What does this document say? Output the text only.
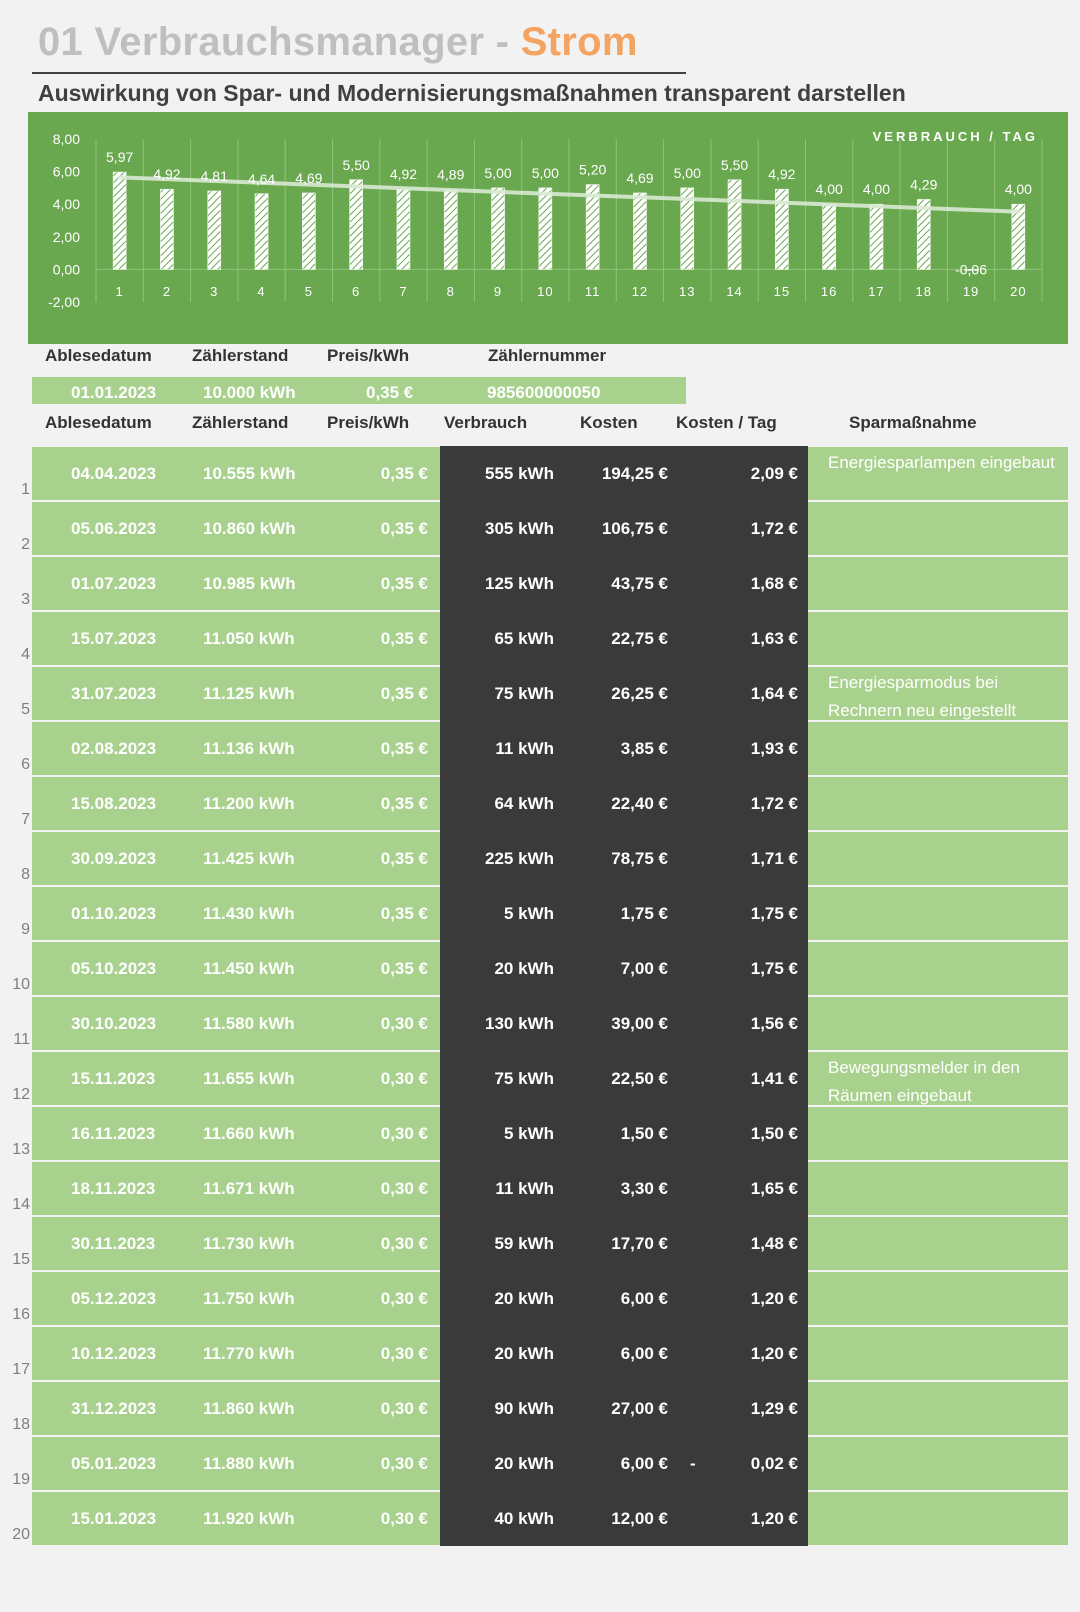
01 Verbrauchsmanager - Strom
Auswirkung von Spar- und Modernisierungsmaßnahmen transparent darstellen
8,00
6,00
4,00
2,00
0,00
-2,00
5,97
4,92 4,81 4,64 4,69
5,50
4,92 4,89 5,00 5,00 5,20
4,69 5,00
5,50
4,92
4,00 4,00 4,29
-0,06
4,00
1	2	3	4	5	6	7	8	9	10 11 12 13 14 15 16 17 18 19 20
VERBRAUCH / TAG
Ablesedatum Zählerstand Preis/kWh	Zählernummer
01.01.2023	10.000 kWh	0,35 €	985600000050
Ablesedatum Zählerstand Preis/kWh Verbrauch	Kosten Kosten / Tag	Sparmaßnahme
1
04.04.2023	10.555 kWh	0,35 €	555 kWh	194,25 €	2,09 €
Energiesparlampen eingebaut
2
05.06.2023	10.860 kWh	0,35 €	305 kWh	106,75 €	1,72 €
3
01.07.2023	10.985 kWh	0,35 €	125 kWh	43,75 €	1,68 €
4
15.07.2023	11.050 kWh	0,35 €	65 kWh	22,75 €	1,63 €
5
31.07.2023	11.125 kWh	0,35 €	75 kWh	26,25 €	1,64 €
Energiesparmodus bei Rechnern neu eingestellt
6
02.08.2023	11.136 kWh	0,35 €	11 kWh	3,85 €	1,93 €
7
15.08.2023	11.200 kWh	0,35 €	64 kWh	22,40 €	1,72 €
8
30.09.2023	11.425 kWh	0,35 €	225 kWh	78,75 €	1,71 €
9
01.10.2023	11.430 kWh	0,35 €	5 kWh	1,75 €	1,75 €
10
05.10.2023	11.450 kWh	0,35 €	20 kWh	7,00 €	1,75 €
11
30.10.2023	11.580 kWh	0,30 €	130 kWh	39,00 €	1,56 €
12
15.11.2023	11.655 kWh	0,30 €	75 kWh	22,50 €	1,41 €
Bewegungsmelder in den Räumen eingebaut
13
16.11.2023	11.660 kWh	0,30 €	5 kWh	1,50 €	1,50 €
14
18.11.2023	11.671 kWh	0,30 €	11 kWh	3,30 €	1,65 €
15
30.11.2023	11.730 kWh	0,30 €	59 kWh	17,70 €	1,48 €
16
05.12.2023	11.750 kWh	0,30 €	20 kWh	6,00 €	1,20 €
17
10.12.2023	11.770 kWh	0,30 €	20 kWh	6,00 €	1,20 €
18
31.12.2023	11.860 kWh	0,30 €	90 kWh	27,00 €	1,29 €
19
05.01.2023	11.880 kWh	0,30 €	20 kWh	6,00 €	0,02 €
-
20
15.01.2023	11.920 kWh	0,30 €	40 kWh	12,00 €	1,20 €
